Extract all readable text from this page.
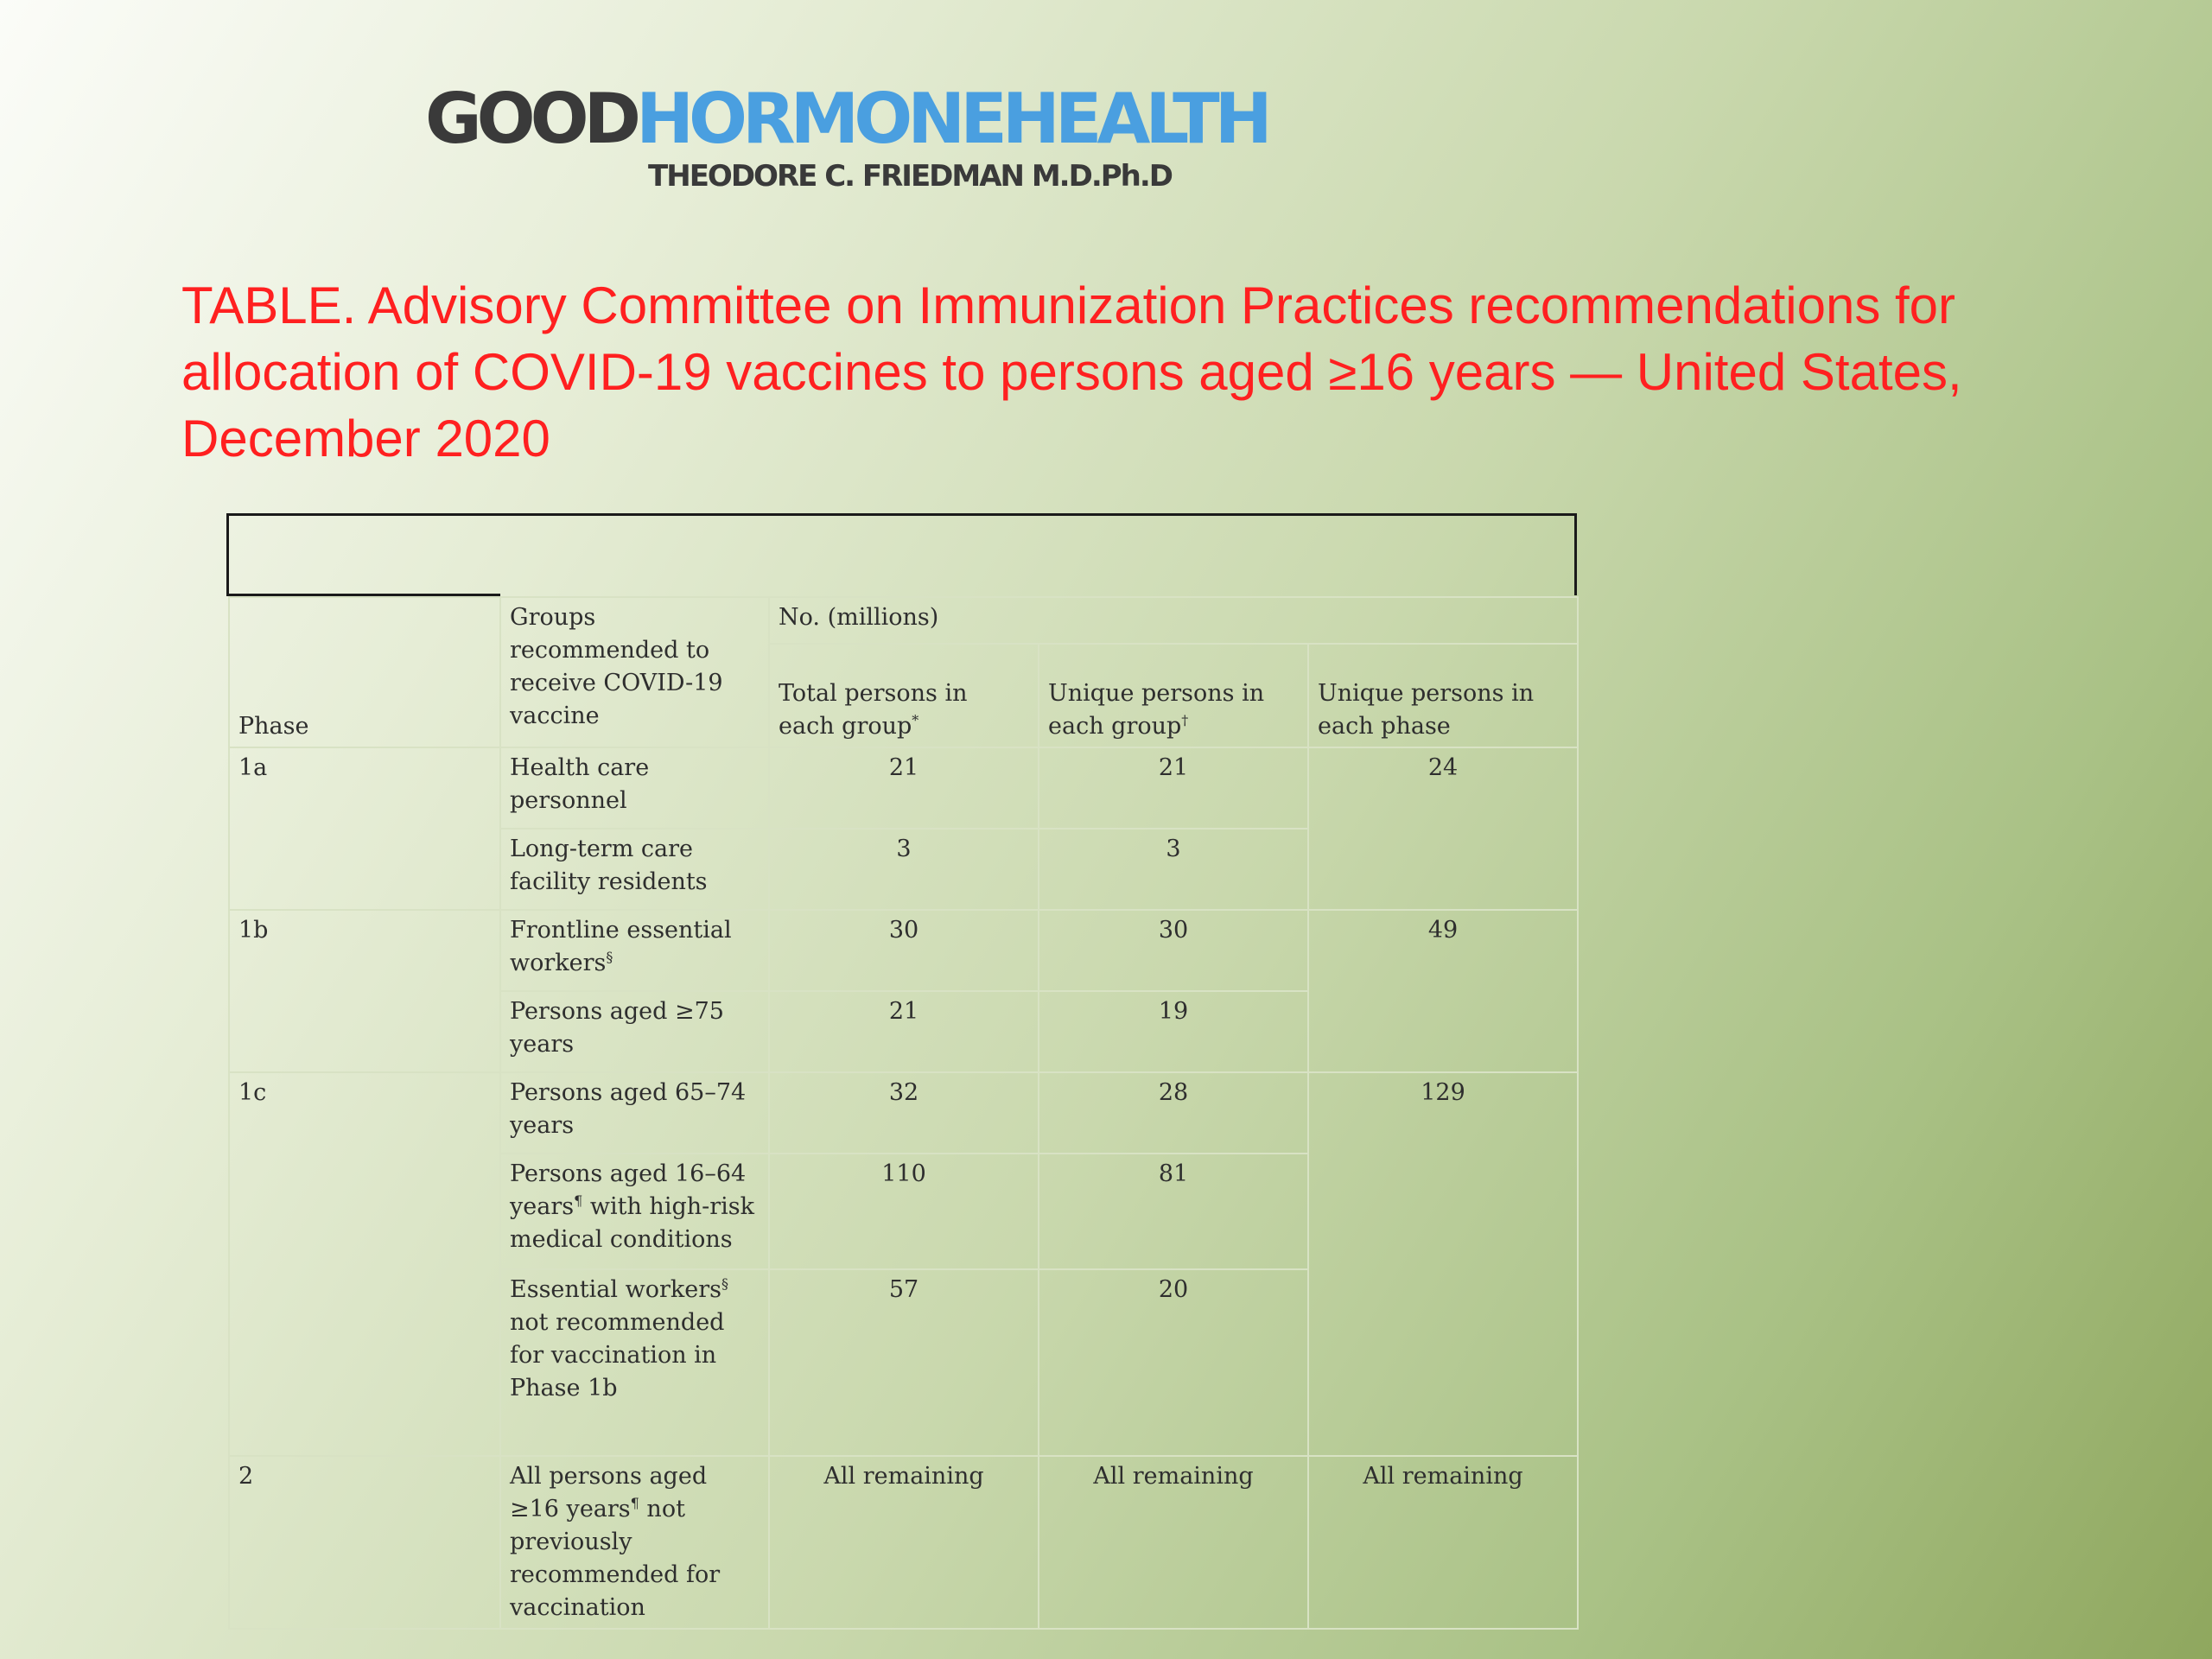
GOODHORMONEHEALTH
THEODORE C. FRIEDMAN M.D.Ph.D
TABLE. Advisory Committee on Immunization Practices recommendations for allocation of COVID-19 vaccines to persons aged ≥16 years — United States, December 2020
Phase	Groups recommended to receive COVID-19 vaccine	No. (millions)		
		Total persons in each group*	Unique persons in each group†	Unique persons in each phase
1a	Health care personnel	21	21	24
	Long-term care facility residents	3	3	
1b	Frontline essential workers§	30	30	49
	Persons aged ≥75 years	21	19	
1c	Persons aged 65–74 years	32	28	129
	Persons aged 16–64 years¶ with high-risk medical conditions	110	81	
	Essential workers§ not recommended for vaccination in Phase 1b	57	20	
2	All persons aged ≥16 years¶ not previously recommended for vaccination	All remaining	All remaining	All remaining
